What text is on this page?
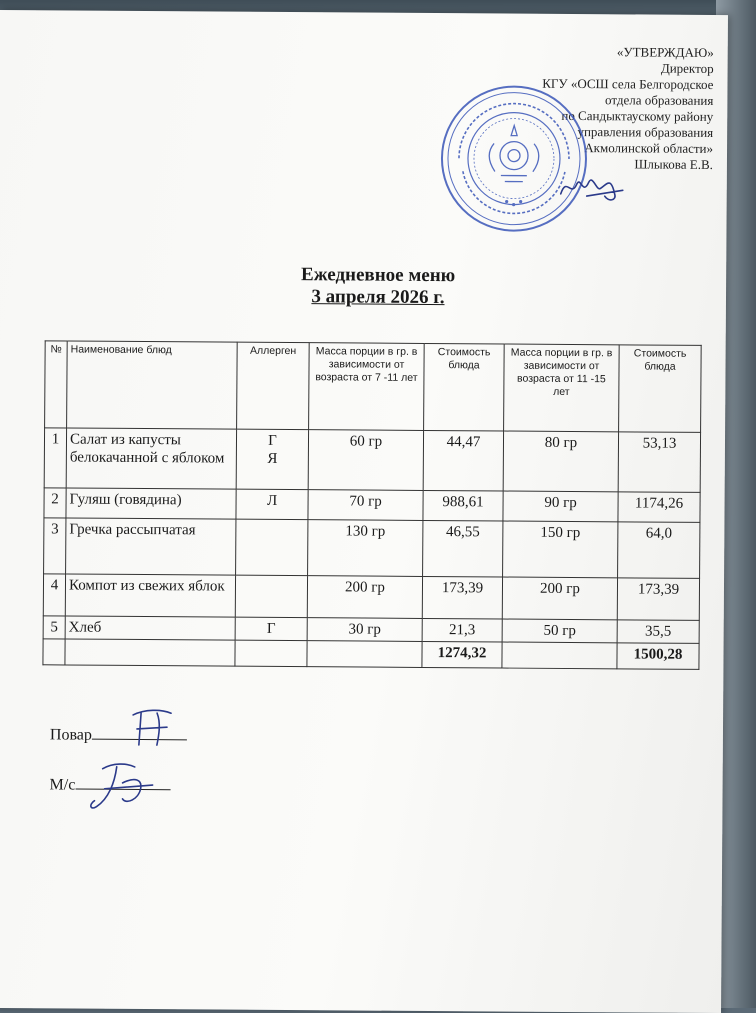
«УТВЕРЖДАЮ»
Директор
КГУ «ОСШ села Белгородское
отдела образования
по Сандыктаускому району
управления образования
Акмолинской области»
Шлыкова Е.В.
Ежедневное меню
3 апреля 2026 г.
№	Наименование блюд	Аллерген	Масса порции в гр. в зависимости от возраста от 7 -11 лет	Стоимость блюда	Масса порции в гр. в зависимости от возраста от 11 -15 лет	Стоимость блюда
1	Салат из капусты белокачанной с яблоком	Г Я	60 гр	44,47	80 гр	53,13
2	Гуляш (говядина)	Л	70 гр	988,61	90 гр	1174,26
3	Гречка рассыпчатая		130 гр	46,55	150 гр	64,0
4	Компот из свежих яблок		200 гр	173,39	200 гр	173,39
5	Хлеб	Г	30 гр	21,3	50 гр	35,5
				1274,32		1500,28
Повар
М/с
